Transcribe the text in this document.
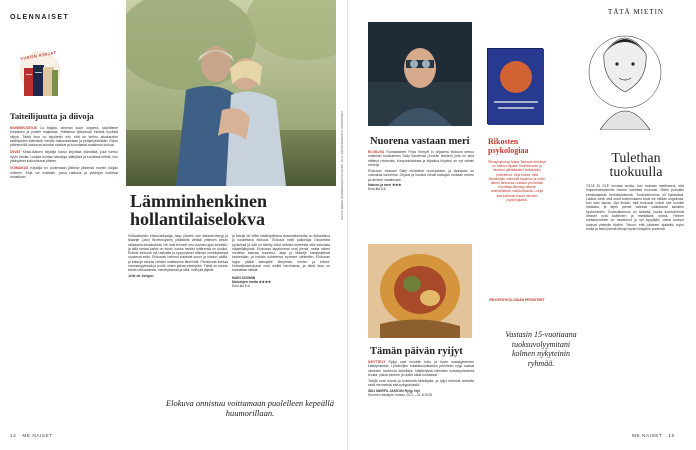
OLENNAISET
VIIKON KIRJAT
Taiteilijuutta ja diivoja

MONIKIRJOITUS La Maglia, olenhan suuri ooppera, käpöttelee kohdasen ja puisee majakalla. Yläillansa työtarkoisi ihmisiä hyvästä viipyä. Tämä teos on kirjoitettu niin, että se kertoo aikakauden taiteilijoiden elämästä, heidän rakkauksistaan ja pettymyksistään. Kirjan päähenkilöt kasvavat arvoiksi naisiksi ja luovuttavat maailman kulkua.

DIIVAT Keski-ikäinen kirjailija Kaisu kirjoittaa elämästä, joka tuntuu hyvin tutulta. Lukijaa kohtaa hauskoja yllätyksiä ja surullisia hetkiä, kun ystävykset kokoontuvat yhteen.

VOIMAKAS Kirjailija on puolestaan jättänyt jälkensä monen lukijan mieleen. Kirja vie matkalle, jossa rakkaus ja ystävyys kulkevat rinnakkain.

Lämminhenkinen
hollantilaiselokva

Hollantilainen elokuvaohjaaja Jaap (Martin van Waardenberg) ja Maartje (Jany Broekhuysen) päättävät viettää yhteisen kesän rakkaasta kesäkodista. He ovat tehneet sen vuosien ajan kesäisin, ja tällä kertaa kaikki on toisin, koska heidän tyttärensä on kuollut. Rutiinit tuntuvat nyt raskailta ja kysymykset elämän merkityksestä nousevat esiin. Elokuvan hahmot kulkevat surun ja lohdun välillä, ja katsoja seuraa heidän matkaansa lämmöllä. Pariskunta kohtaa menneisyytensä ja pohtii, miten jatkaa eteenpäin. Tämä on kaunis tarina rakkaudesta, menetyksestä ja siitä, mitä jää jäljelle.

Jelle de Jongen

ja Martje de Witte käsikirjoittama draamakomedia on ilahduttava ja koskettava elokuva. Elokuva voitti palkintoja Oscareiksi pyrkiessä ja sitä on kiitetty sekä aidosta tunteesta että vahvasta näyttelijätyöstä. Elokuvan tapahtumat ovat pieniä, mutta niiden merkitys kasvaa suureksi. Jaap ja Maartje kamppailevat keskenään, ja heidän suhteensa syvenee vähitellen. Elokuvan loppu jättää katsojalle lämpimän mielen ja toivoa. Hollantilaiselokuvat ovat meillä harvinaisia, ja tämä teos on kannattaa nähdä.

MARI SODMIN
Muistojen metta ★★★★
Ensi-illa 5.5.

Elokuva onnistuu voittamaan puolelleen kepeällä huumorillaan.
KUVAT: MEIKE DEKKER/ZEPHYR FILMS, OLLI HIRVONEN/ANTTI KAUPPINEN
14 ME NAISET
Nuorena vastaan meri

ELOKUVA Ruotsalainen Frida Kempff in ohjaama elokuva kertoo nokkelan toukkarinen Sally Bauerista (Josefin Neldén) jolla on aina riittänyt rohkeutta. Kaupunkitarinaa ja kilpailua kirjoitus on nyt valmis mennyt.

Elokuvan mukaan Sally muistelee nuoruuttaan, ja tarinassa on voimakas tunnelma. Ohjaus ja kuvaus vievät katsojan mukaan meren ja uimisen maailmaan.

Nainen ja meri ★★★

Ensi-illa 5.5.

Tämän päivän ryijyt

NÄYTTELY Ryijyt ovat monelle tuttu, ja hyvin nostalgimenten kästitymaksto. Lyhdeviljen kolakkisuorituksen perinteen ryijyt saavat viimeisin modernia kekeliäys. Näyttelyssä nähdään kolmekymmentä teosta, joissa perinne ja uudet ideat kohtaavat.

Tekijät ovat nuoria ja kokeneita taiteilijoita, ja ryijyt kertovat tarinoita sekä menneistä että nykypäivästä.

SIILI MURFU JAKKON Ryijy. Nyt

Suomen käsityön museo 10.3.—31.8.2025

Rikosten
psykologiaa
Rikospsykologi Marja Tanhuan tietokirja on tuttuun tapaan henkilökuvan ja rikoksen jälkikäteisen tarkastelun yhdistelmä. Kirja kuvaa, mitä rikostekijän mielessä tapahtuu ja miten hänen tarinansa voidaan ymmärtää. Kirjoittaja lähestyy aihetta ammattilaisen näkökulmasta. Lukija saa kattavan kuvan rikosten psykologiasta.
RIKOSPSYKOLOGIAN PERUSTEET
TÄTÄ MIETIN
Tulethan
tuokuulla

TÄTÄ EI OLE montaa vuotta, kun muistan miettineeni, että huipuvedessämme menee varmasti huonosti. Sitten puhuttiin kemikaaleista herkistymisestä. Tuokuuttomuus oli kyllästävä. Lisäksi vielä, että omat kokemukseni eivät ole mitään ongelmaa, kun sain lapsia. Nyt tiedän, että tuokuvat voivat olla monille hankalia, ja arjen pienet valinnat vaikuttavat kaikkien hyvinvointiin. Tuoksuttomuus on tärkeää, koska tuoksuherkät ihmiset ovat todellinen ja merkittävä ryhmä. Yleinen suhtautuminen on muuttunut ja nyt kysytään, mitkä tuoksut sopivat yhteisiin tiloihin. Toivon, että jokainen ajattelisi myös muita ja tekisi pieniä tekoja hyvän ilmapiirin puolesta.

Vastasin 15-vuotiaana tuoksuvolyymitani kolmen nykyteinin ryhmää.
ME NAISET 15
